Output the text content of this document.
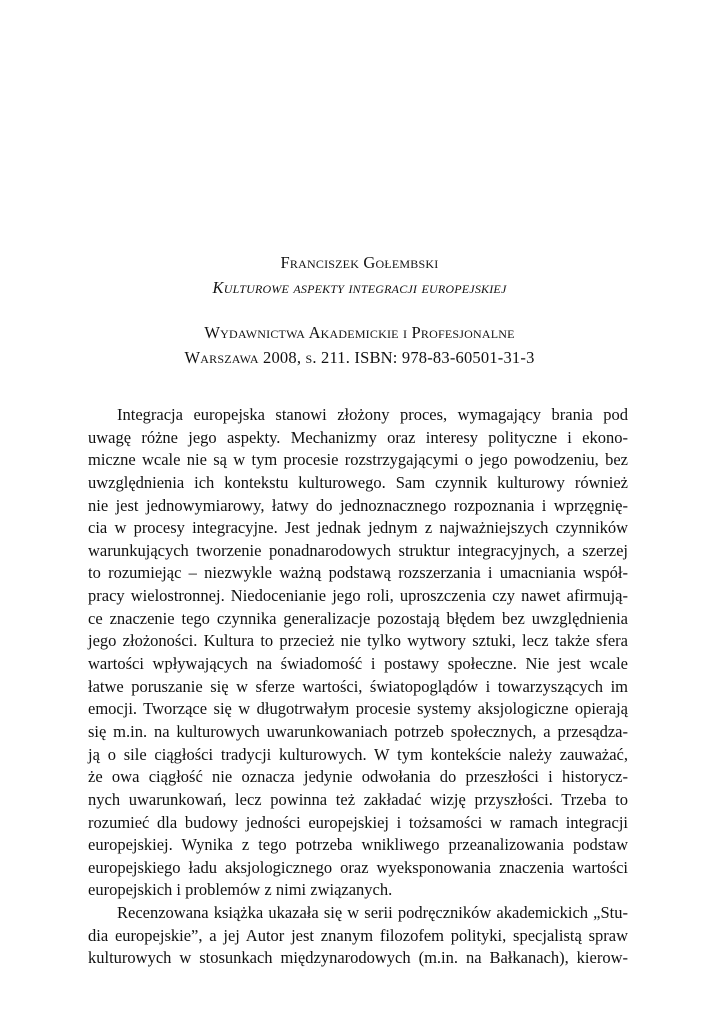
Franciszek Gołembski
Kulturowe aspekty integracji europejskiej
Wydawnictwa Akademickie i Profesjonalne
Warszawa 2008, s. 211. ISBN: 978-83-60501-31-3
Integracja europejska stanowi złożony proces, wymagający brania pod
uwagę różne jego aspekty. Mechanizmy oraz interesy polityczne i ekono-
miczne wcale nie są w tym procesie rozstrzygającymi o jego powodzeniu, bez
uwzględnienia ich kontekstu kulturowego. Sam czynnik kulturowy również
nie jest jednowymiarowy, łatwy do jednoznacznego rozpoznania i wprzęgnię-
cia w procesy integracyjne. Jest jednak jednym z najważniejszych czynników
warunkujących tworzenie ponadnarodowych struktur integracyjnych, a szerzej
to rozumiejąc – niezwykle ważną podstawą rozszerzania i umacniania współ-
pracy wielostronnej. Niedocenianie jego roli, uproszczenia czy nawet afirmują-
ce znaczenie tego czynnika generalizacje pozostają błędem bez uwzględnienia
jego złożoności. Kultura to przecież nie tylko wytwory sztuki, lecz także sfera
wartości wpływających na świadomość i postawy społeczne. Nie jest wcale
łatwe poruszanie się w sferze wartości, światopoglądów i towarzyszących im
emocji. Tworzące się w długotrwałym procesie systemy aksjologiczne opierają
się m.in. na kulturowych uwarunkowaniach potrzeb społecznych, a przesądza-
ją o sile ciągłości tradycji kulturowych. W tym kontekście należy zauważać,
że owa ciągłość nie oznacza jedynie odwołania do przeszłości i historycz-
nych uwarunkowań, lecz powinna też zakładać wizję przyszłości. Trzeba to
rozumieć dla budowy jedności europejskiej i tożsamości w ramach integracji
europejskiej. Wynika z tego potrzeba wnikliwego przeanalizowania podstaw
europejskiego ładu aksjologicznego oraz wyeksponowania znaczenia wartości
europejskich i problemów z nimi związanych.
Recenzowana książka ukazała się w serii podręczników akademickich „Stu-
dia europejskie”, a jej Autor jest znanym filozofem polityki, specjalistą spraw
kulturowych w stosunkach międzynarodowych (m.in. na Bałkanach), kierow-
